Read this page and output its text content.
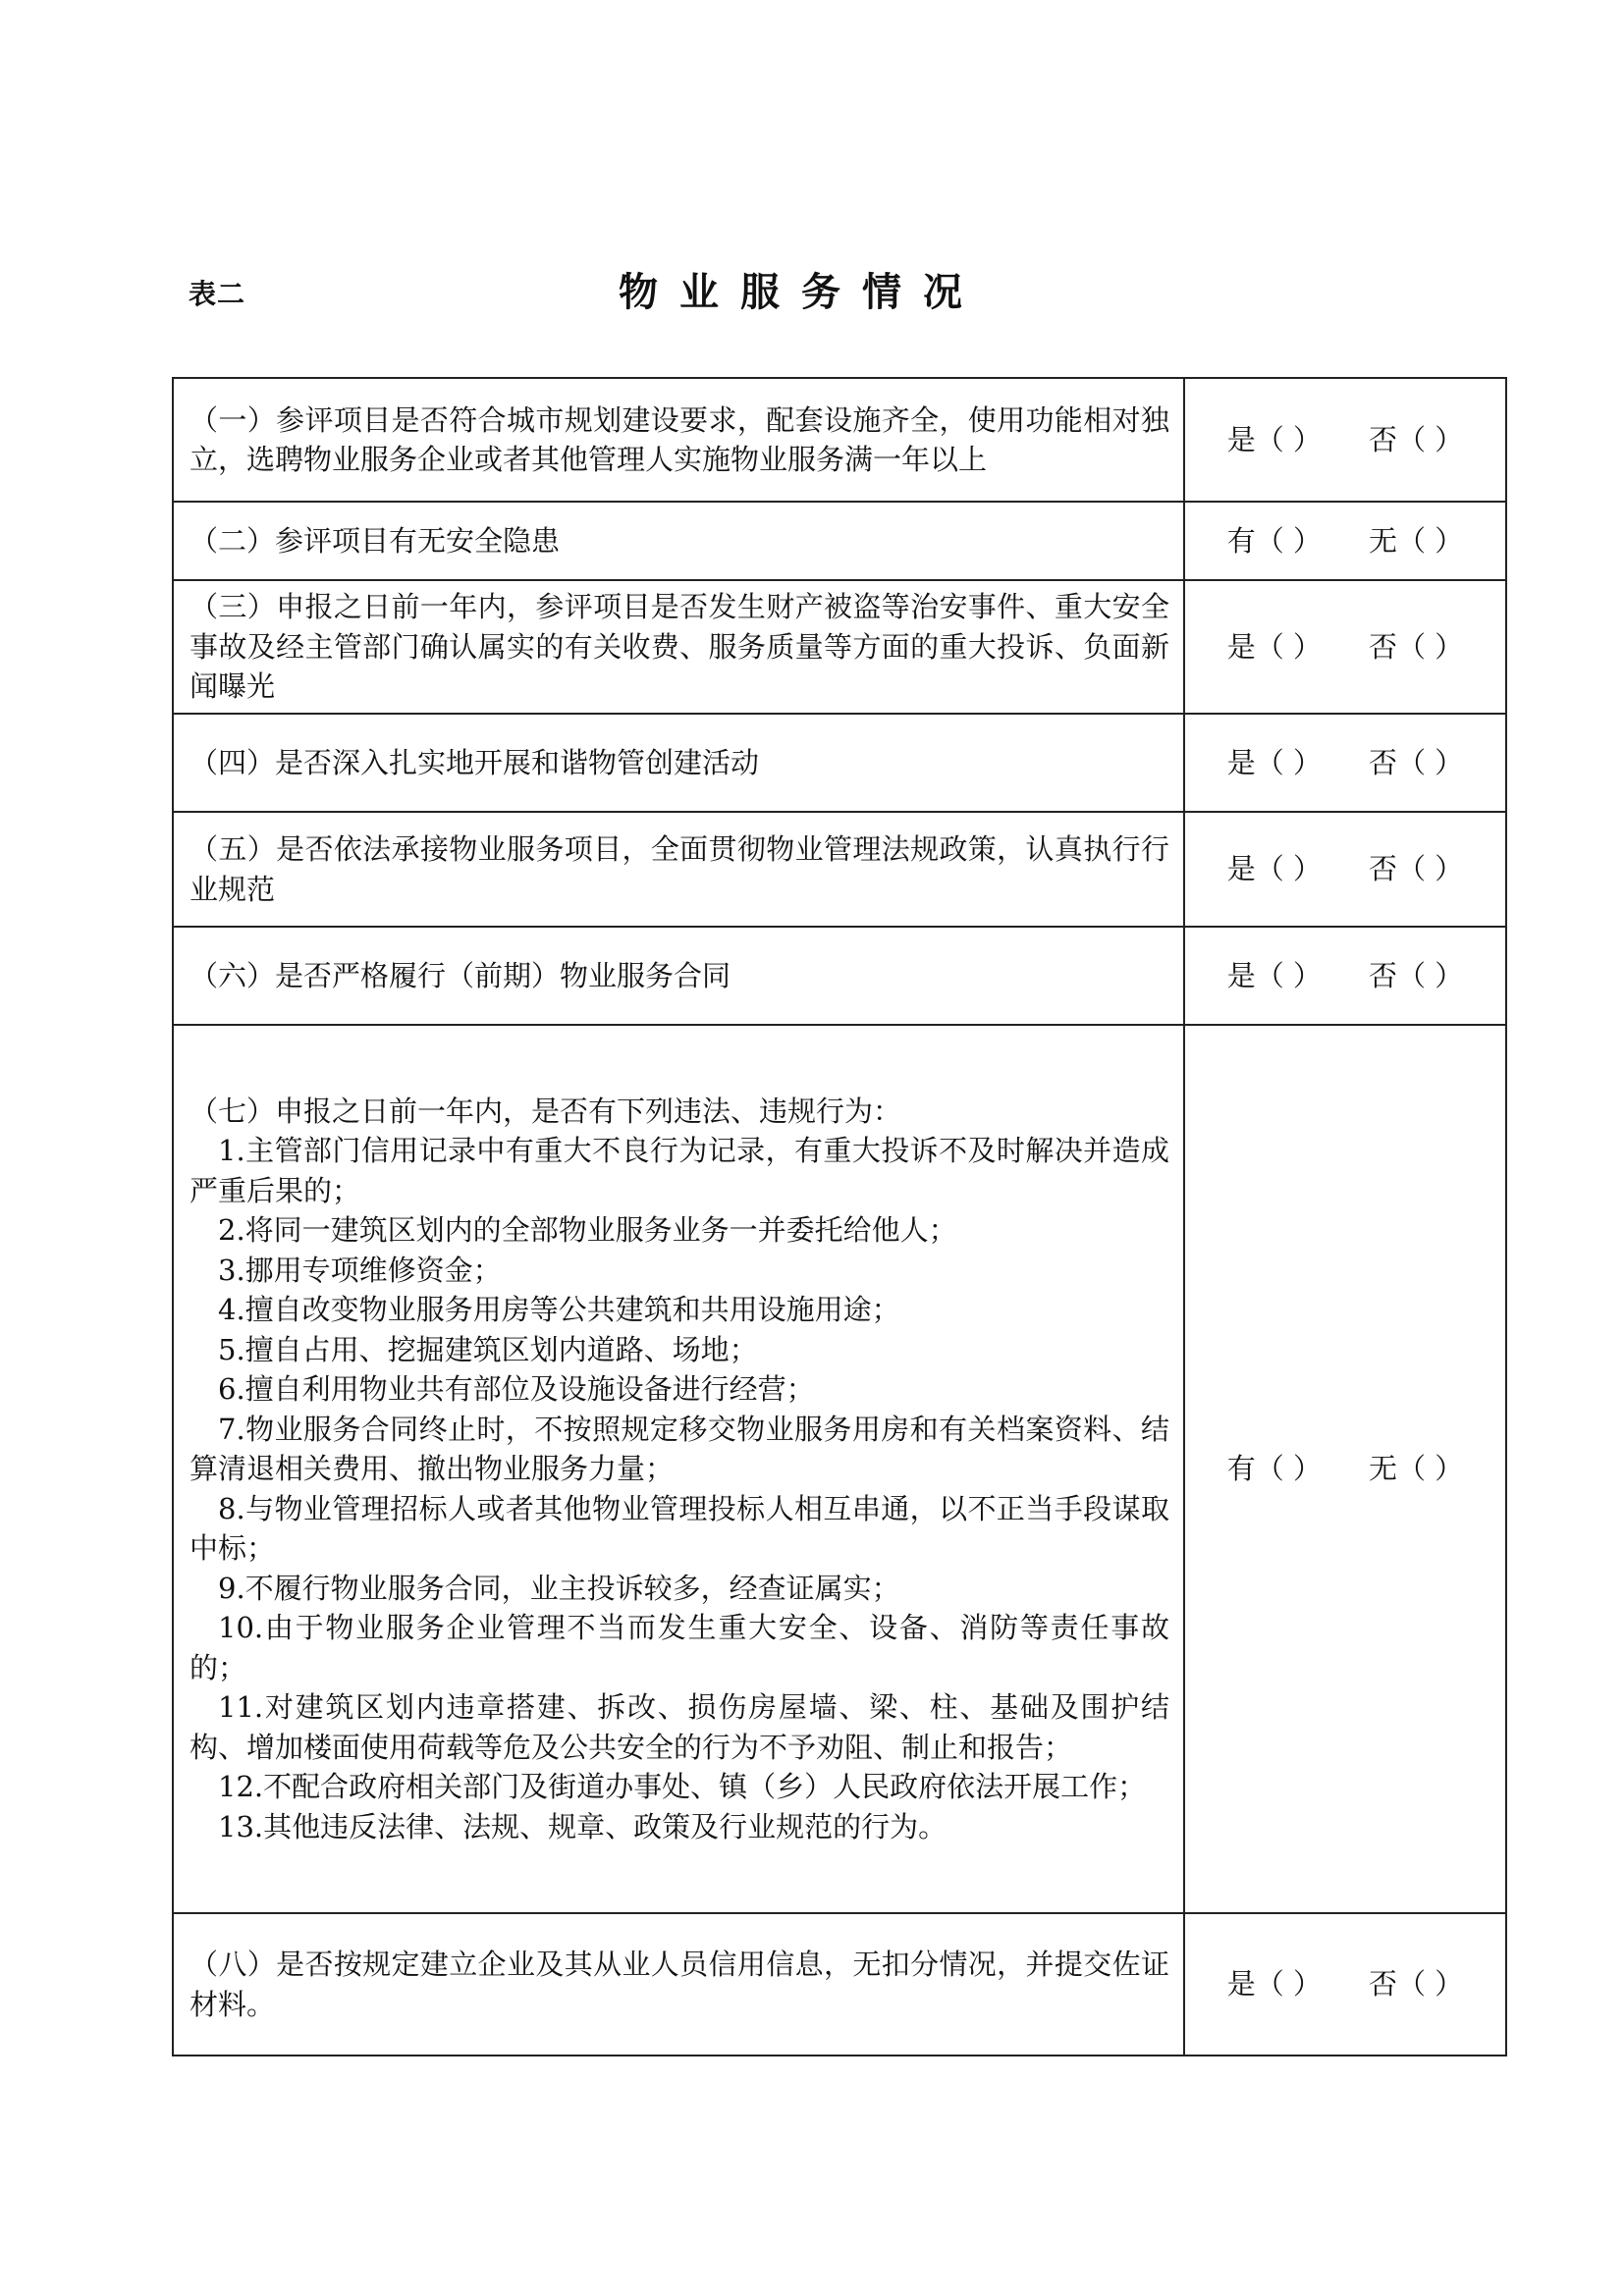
表二	物业服务情况
（一）参评项目是否符合城市规划建设要求，配套设施齐全，使用功能相对独立，选聘物业服务企业或者其他管理人实施物业服务满一年以上	是（ ） 否（ ）

（二）参评项目有无安全隐患	有（ ） 无（ ）

（三）申报之日前一年内，参评项目是否发生财产被盗等治安事件、重大安全事故及经主管部门确认属实的有关收费、服务质量等方面的重大投诉、负面新闻曝光	是（ ） 否（ ）

（四）是否深入扎实地开展和谐物管创建活动	是（ ） 否（ ）

（五）是否依法承接物业服务项目，全面贯彻物业管理法规政策，认真执行行业规范	是（ ） 否（ ）

（六）是否严格履行（前期）物业服务合同	是（ ） 否（ ）

（七）申报之日前一年内，是否有下列违法、违规行为：
1.主管部门信用记录中有重大不良行为记录，有重大投诉不及时解决并造成严重后果的；
2.将同一建筑区划内的全部物业服务业务一并委托给他人；
3.挪用专项维修资金；
4.擅自改变物业服务用房等公共建筑和共用设施用途；
5.擅自占用、挖掘建筑区划内道路、场地；
6.擅自利用物业共有部位及设施设备进行经营；
7.物业服务合同终止时，不按照规定移交物业服务用房和有关档案资料、结算清退相关费用、撤出物业服务力量；
8.与物业管理招标人或者其他物业管理投标人相互串通，以不正当手段谋取中标；
9.不履行物业服务合同，业主投诉较多，经查证属实；
10.由于物业服务企业管理不当而发生重大安全、设备、消防等责任事故的；
11.对建筑区划内违章搭建、拆改、损伤房屋墙、梁、柱、基础及围护结构、增加楼面使用荷载等危及公共安全的行为不予劝阻、制止和报告；
12.不配合政府相关部门及街道办事处、镇（乡）人民政府依法开展工作；
13.其他违反法律、法规、规章、政策及行业规范的行为。
	有（ ） 无（ ）

（八）是否按规定建立企业及其从业人员信用信息，无扣分情况，并提交佐证材料。	是（ ） 否（ ）
